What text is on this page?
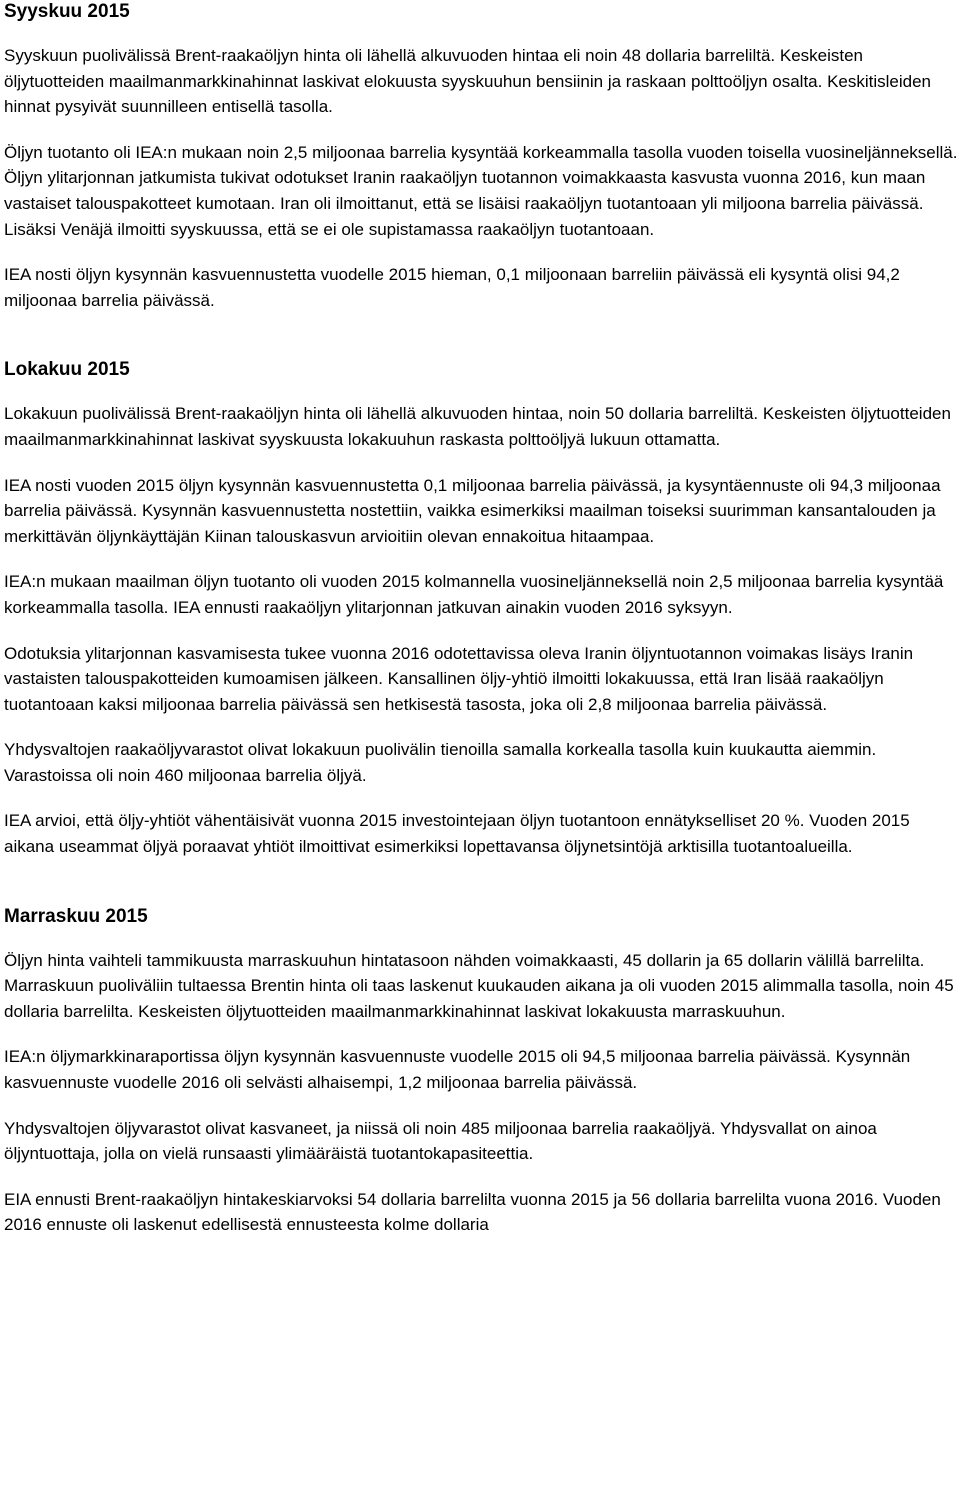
Syyskuu 2015

Syyskuun puolivälissä Brent-raakaöljyn hinta oli lähellä alkuvuoden hintaa eli noin 48 dollaria barreliltä. Keskeisten öljytuotteiden maailmanmarkkinahinnat laskivat elokuusta syyskuuhun bensiinin ja raskaan polttoöljyn osalta. Keskitisleiden hinnat pysyivät suunnilleen entisellä tasolla.

Öljyn tuotanto oli IEA:n mukaan noin 2,5 miljoonaa barrelia kysyntää korkeammalla tasolla vuoden toisella vuosineljänneksellä. Öljyn ylitarjonnan jatkumista tukivat odotukset Iranin raakaöljyn tuotannon voimakkaasta kasvusta vuonna 2016, kun maan vastaiset talouspakotteet kumotaan. Iran oli ilmoittanut, että se lisäisi raakaöljyn tuotantoaan yli miljoona barrelia päivässä. Lisäksi Venäjä ilmoitti syyskuussa, että se ei ole supistamassa raakaöljyn tuotantoaan.

IEA nosti öljyn kysynnän kasvuennustetta vuodelle 2015 hieman, 0,1 miljoonaan barreliin päivässä eli kysyntä olisi 94,2 miljoonaa barrelia päivässä.

Lokakuu 2015

Lokakuun puolivälissä Brent-raakaöljyn hinta oli lähellä alkuvuoden hintaa, noin 50 dollaria barreliltä. Keskeisten öljytuotteiden maailmanmarkkinahinnat laskivat syyskuusta lokakuuhun raskasta polttoöljyä lukuun ottamatta.

IEA nosti vuoden 2015 öljyn kysynnän kasvuennustetta 0,1 miljoonaa barrelia päivässä, ja kysyntäennuste oli 94,3 miljoonaa barrelia päivässä. Kysynnän kasvuennustetta nostettiin, vaikka esimerkiksi maailman toiseksi suurimman kansantalouden ja merkittävän öljynkäyttäjän Kiinan talouskasvun arvioitiin olevan ennakoitua hitaampaa.

IEA:n mukaan maailman öljyn tuotanto oli vuoden 2015 kolmannella vuosineljänneksellä noin 2,5 miljoonaa barrelia kysyntää korkeammalla tasolla. IEA ennusti raakaöljyn ylitarjonnan jatkuvan ainakin vuoden 2016 syksyyn.

Odotuksia ylitarjonnan kasvamisesta tukee vuonna 2016 odotettavissa oleva Iranin öljyntuotannon voimakas lisäys Iranin vastaisten talouspakotteiden kumoamisen jälkeen. Kansallinen öljy-yhtiö ilmoitti lokakuussa, että Iran lisää raakaöljyn tuotantoaan kaksi miljoonaa barrelia päivässä sen hetkisestä tasosta, joka oli 2,8 miljoonaa barrelia päivässä.

Yhdysvaltojen raakaöljyvarastot olivat lokakuun puolivälin tienoilla samalla korkealla tasolla kuin kuukautta aiemmin. Varastoissa oli noin 460 miljoonaa barrelia öljyä.

IEA arvioi, että öljy-yhtiöt vähentäisivät vuonna 2015 investointejaan öljyn tuotantoon ennätykselliset 20 %. Vuoden 2015 aikana useammat öljyä poraavat yhtiöt ilmoittivat esimerkiksi lopettavansa öljynetsintöjä arktisilla tuotantoalueilla.

Marraskuu 2015

Öljyn hinta vaihteli tammikuusta marraskuuhun hintatasoon nähden voimakkaasti, 45 dollarin ja 65 dollarin välillä barrelilta. Marraskuun puoliväliin tultaessa Brentin hinta oli taas laskenut kuukauden aikana ja oli vuoden 2015 alimmalla tasolla, noin 45 dollaria barrelilta. Keskeisten öljytuotteiden maailmanmarkkinahinnat laskivat lokakuusta marraskuuhun.

IEA:n öljymarkkinaraportissa öljyn kysynnän kasvuennuste vuodelle 2015 oli 94,5 miljoonaa barrelia päivässä. Kysynnän kasvuennuste vuodelle 2016 oli selvästi alhaisempi, 1,2 miljoonaa barrelia päivässä.

Yhdysvaltojen öljyvarastot olivat kasvaneet, ja niissä oli noin 485 miljoonaa barrelia raakaöljyä. Yhdysvallat on ainoa öljyntuottaja, jolla on vielä runsaasti ylimääräistä tuotantokapasiteettia.

EIA ennusti Brent-raakaöljyn hintakeskiarvoksi 54 dollaria barrelilta vuonna 2015 ja 56 dollaria barrelilta vuona 2016. Vuoden 2016 ennuste oli laskenut edellisestä ennusteesta kolme dollaria
